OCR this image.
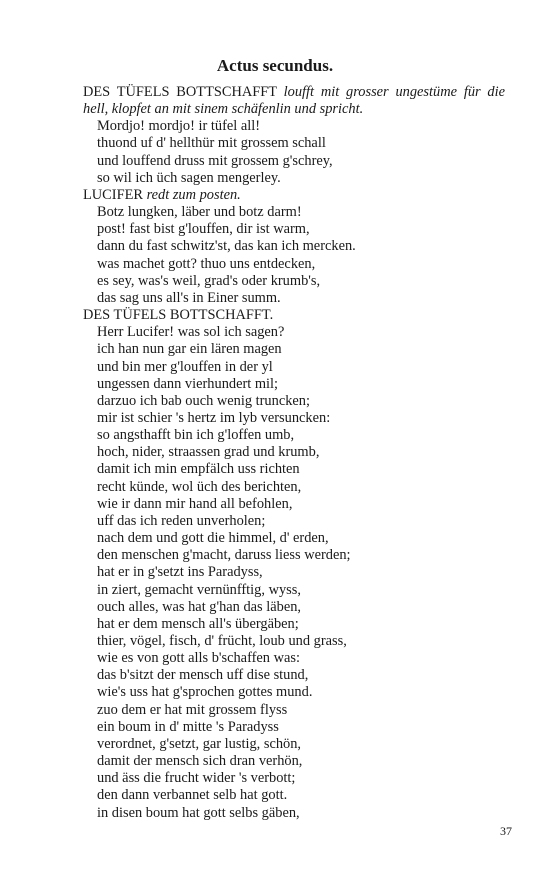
Actus secundus.
DES TÜFELS BOTTSCHAFFT loufft mit grosser ungestüme für die hell, klopfet an mit sinem schäfenlin und spricht.
Mordjo! mordjo! ir tüfel all!
thuond uf d' hellthür mit grossem schall
und louffend druss mit grossem g'schrey,
so wil ich üch sagen mengerley.
LUCIFER redt zum posten.
Botz lungken, läber und botz darm!
post! fast bist g'louffen, dir ist warm,
dann du fast schwitz'st, das kan ich mercken.
was machet gott? thuo uns entdecken,
es sey, was's weil, grad's oder krumb's,
das sag uns all's in Einer summ.
DES TÜFELS BOTTSCHAFFT.
Herr Lucifer! was sol ich sagen?
ich han nun gar ein lären magen
und bin mer g'louffen in der yl
ungessen dann vierhundert mil;
darzuo ich bab ouch wenig truncken;
mir ist schier 's hertz im lyb versuncken:
so angsthafft bin ich g'loffen umb,
hoch, nider, straassen grad und krumb,
damit ich min empfälch uss richten
recht künde, wol üch des berichten,
wie ir dann mir hand all befohlen,
uff das ich reden unverholen;
nach dem und gott die himmel, d' erden,
den menschen g'macht, daruss liess werden;
hat er in g'setzt ins Paradyss,
in ziert, gemacht vernünfftig, wyss,
ouch alles, was hat g'han das läben,
hat er dem mensch all's übergäben;
thier, vögel, fisch, d' frücht, loub und grass,
wie es von gott alls b'schaffen was:
das b'sitzt der mensch uff dise stund,
wie's uss hat g'sprochen gottes mund.
zuo dem er hat mit grossem flyss
ein boum in d' mitte 's Paradyss
verordnet, g'setzt, gar lustig, schön,
damit der mensch sich dran verhön,
und äss die frucht wider 's verbott;
den dann verbannet selb hat gott.
in disen boum hat gott selbs gäben,
37
